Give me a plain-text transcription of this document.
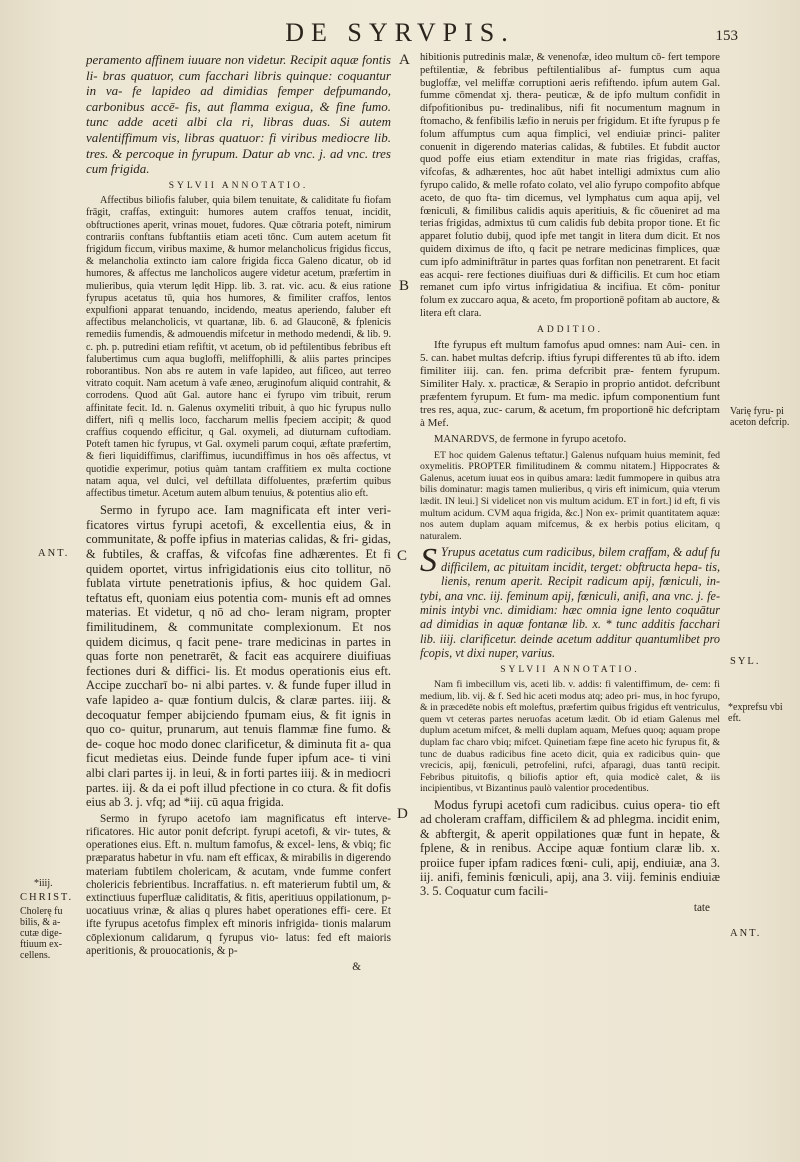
DE SYRVPIS.	153
A
B
C
D
ANT.
*iiij.
CHRIST.
Cholerę fu bilis, & a- cutæ dige- ftiuum ex- cellens.
Varię fyru- pi aceton defcrip.
SYL.
*exprefsu vbi eft.
ANT.

peramento affinem iuuare non videtur. Recipit aquæ fontis li- bras quatuor, cum facchari libris quinque: coquantur in va- fe lapideo ad dimidias femper defpumando, carbonibus accē- fis, aut flamma exigua, & fine fumo. tunc adde aceti albi cla ri, libras duas. Si autem valentiffimum vis, libras quatuor: fi viribus mediocre lib. tres. & percoque in fyrupum. Datur ab vnc. j. ad vnc. tres cum frigida.

SYLVII ANNOTATIO.

Affectibus biliofis faluber, quia bilem tenuitate, & caliditate fu fiofam frāgit, craffas, extinguit: humores autem craffos tenuat, incidit, obftructiones aperit, vrinas mouet, fudores. Quæ cōtraria poteft, nimirum contrariis conftans fubftantiis etiam aceti tōnc. Cum autem acetum fit frigidum ficcum, viribus maxime, & humor melancholicus frigidus ficcus, & melancholia extincto iam calore frigida ficca Galeno dicatur, ob id humores, & affectus me lancholicos augere videtur acetum, præfertim in mulieribus, quia vterum lędit Hipp. lib. 3. rat. vic. acu. & eius ratione fyrupus acetatus tū, quia hos humores, & fimiliter craffos, lentos expulfioni apparat tenuando, incidendo, meatus aperiendo, faluber eft affectibus melancholicis, vt quartanæ, lib. 6. ad Glauconē, & fplenicis remediis fumendis, & admouendis mifcetur in methodo medendi, & lib. 9. c. ph. p. putredini etiam refiftit, vt acetum, ob id peftilentibus febribus eft falubertimus cum aqua bugloffi, meliffophilli, & aliis partes principes roborantibus. Non abs re autem in vafe lapideo, aut fiſiceo, aut terreo vitrato coquit. Nam acetum à vafe æneo, æruginofum aliquid contrahit, & corrodens. Quod aūt Gal. autore hanc ei fyrupo vim tribuit, rerum affinitate fecit. Id. n. Galenus oxymeliti tribuit, à quo hic fyrupus nullo differt, nifi q mellis loco, faccharum mellis fpeciem accipit; & quod craffius coquendo efficitur, q Gal. oxymeli, ad diuturnam cuftodiam. Poteft tamen hic fyrupus, vt Gal. oxymeli parum coqui, æftate præfertim, & fieri liquidiffimus, clariffimus, iucundiffimus in hos oēs affectus, vt quotidie experimur, potius quàm tantam craffitiem ex multa coctione natam aqua, vel dulci, vel deftillata diffoluentes, præfertim quibus affectibus timetur. Acetum autem album tenuius, & potentius alio eft.

Sermo in fyrupo ace. Iam magnificata eft inter veri- ficatores virtus fyrupi acetofi, & excellentia eius, & in communitate, & poffe ipfius in materias calidas, & fri- gidas, & fubtiles, & craffas, & vifcofas fine adhærentes. Et fi quidem oportet, virtus infrigidationis eius cito tollitur, nō fublata virtute penetrationis ipfius, & hoc quidem Gal. teftatus eft, quoniam eius potentia com- munis eft ad omnes materias. Et videtur, q nō ad cho- leram nigram, propter fimilitudinem, & communitate complexionum. Et nos quidem dicimus, q facit pene- trare medicinas in partes in quas forte non penetrarēt, & facit eas acquirere diuifiuas fectiones duri & diffici- lis. Et modus operationis eius eft. Accipe zuccharī bo- ni albi partes. v. & funde fuper illud in vafe lapideo a- quæ fontium dulcis, & claræ partes. iiij. & decoquatur femper abijciendo fpumam eius, & fit ignis in quo co- quitur, prunarum, aut tenuis flammæ fine fumo. & de- coque hoc modo donec clarificetur, & diminuta fit a- qua ficut medietas eius. Deinde funde fuper ipfum ace- ti vini albi clari partes ij. in leui, & in forti partes iiij. & in mediocri partes. iij. & da ei poft illud pfectione in co ctura. & fit dofis eius ab 3. j. vfq; ad *iij. cū aqua frigida.

Sermo in fyrupo acetofo iam magnificatus eft interve- rificatores. Hic autor ponit defcript. fyrupi acetofi, & vir- tutes, & operationes eius. Eft. n. multum famofus, & excel- lens, & vbiq; fic præparatus habetur in vfu. nam eft efficax, & mirabilis in digerendo materiam fubtilem cholericam, & acutam, vnde fumme confert cholericis febrientibus. Incraffatius. n. eft materierum fubtil um, & extinctiuus fuperfluæ caliditatis, & fitis, aperitiuus oppilationum, p- uocatiuus vrinæ, & alias q plures habet operationes effi- cere. Et ifte fyrupus acetofus fimplex eft minoris infrigida- tionis malarum cōplexionum calidarum, q fyrupus vio- latus: fed eft maioris aperitionis, & prouocationis, & p-

&

hibitionis putredinis malæ, & venenofæ, ideo multum cō- fert tempore peftilentiæ, & febribus peftilentialibus af- fumptus cum aqua bugloffæ, vel meliffæ corruptioni aeris refiftendo. ipfum autem Gal. fumme cōmendat xj. thera- peuticæ, & de ipfo multum confidit in difpofitionibus pu- tredinalibus, nifi fit nocumentum magnum in ftomacho, & fenfibilis læfio in neruis per frigidum. Et ifte fyrupus p fe folum affumptus cum aqua fimplici, vel endiuiæ princi- paliter conuenit in digerendo materias calidas, & fubtiles. Et fubdit auctor quod poffe eius etiam extenditur in mate rias frigidas, craffas, vifcofas, & adhærentes, hoc aūt habet intelligi admixtus cum alio fyrupo calido, & melle rofato colato, vel alio fyrupo compofito abfque aceto, de quo fta- tim dicemus, vel lymphatus cum aqua apij, vel fœniculi, & fimilibus calidis aquis aperitiuis, & fic cōueniret ad ma terias frigidas, admixtus tū cum calidis fub debita propor tione. Et fic apparet folutio dubij, quod ipfe met tangit in litera dum dicit. Et nos quidem diximus de ifto, q facit pe netrare medicinas fimplices, quæ cum ipfo adminiftrātur in partes quas forfitan non penetrarent. Et facit eas acqui- rere fectiones diuifiuas duri & difficilis. Et cum hoc etiam remanet cum ipfo virtus infrigidatiua & incifiua. Et cōm- ponitur folum ex zuccaro aqua, & aceto, fm proportionē pofitam ab auctore, & litera eft clara.

ADDITIO.

Ifte fyrupus eft multum famofus apud omnes: nam Aui- cen. in 5. can. habet multas defcrip. iftius fyrupi differentes tū ab ifto. idem fimiliter iiij. can. fen. prima defcribit præ- fentem fyrupum. Similiter Haly. x. practicæ, & Serapio in proprio antidot. defcribunt præfentem fyrupum. Et fum- ma medic. ipfum componentium funt tres res, aqua, zuc- carum, & acetum, fm proportionē hic defcriptam à Mef.

MANARDVS, de fermone in fyrupo acetofo.

ET hoc quidem Galenus teftatur.] Galenus nufquam huius meminit, fed oxymelitis. PROPTER fimilitudinem & commu nitatem.] Hippocrates & Galenus, acetum iuuat eos in quibus amara: lædit fummopere in quibus atra bilis dominatur: magis tamen mulieribus, q viris eft inimicum, quia vterum lædit. IN leui.] Si videlicet non vis multum acidum. ET in fort.] id eft, fi vis multum acidum. CVM aqua frigida, &c.] Non ex- primit quantitatem aquæ: nos autem duplam aquam mifcemus, & ex herbis potius elicitam, q naturalem.

S Yrupus acetatus cum radicibus, bilem craffam, & aduf fu difficilem, ac pituitam incidit, terget: obftructa hepa- tis, lienis, renum aperit. Recipit radicum apij, fœniculi, in- tybi, ana vnc. iij. feminum apij, fœniculi, anifi, ana vnc. j. fe- minis intybi vnc. dimidiam: hæc omnia igne lento coquātur ad dimidias in aquæ fontanæ lib. x. * tunc additis facchari lib. iiij. clarificetur. deinde acetum additur quantumlibet pro fcopis, vt dixi nuper, varius.

SYLVII ANNOTATIO.

Nam fi imbecillum vis, aceti lib. v. addis: fi valentiffimum, de- cem: fi medium, lib. vij. & f. Sed hic aceti modus atq; adeo pri- mus, in hoc fyrupo, & in præcedēte nobis eft moleftus, præfertim quibus frigidus eft ventriculus, quem vt ceteras partes neruofas acetum lædit. Ob id etiam Galenus mel duplum acetum mifcet, & melli duplam aquam, Mefues quoq; aquam prope duplam fac charo vbiq; mifcet. Quinetiam fæpe fine aceto hic fyrupus fit, & tunc de duabus radicibus fine aceto dicit, quia ex radicibus quin- que vrecicis, apij, fœniculi, petrofelini, rufci, afparagi, duas tantū recipit. Febribus pituitofis, q biliofis aptior eft, quia modicè calet, & iis incipientibus, vt Bizantinus paulò valentior procedentibus.

Modus fyrupi acetofi cum radicibus. cuius opera- tio eft ad choleram craffam, difficilem & ad phlegma. incidit enim, & abftergit, & aperit oppilationes quæ funt in hepate, & fplene, & in renibus. Accipe aquæ fontium claræ lib. x. proiice fuper ipfam radices fœni- culi, apij, endiuiæ, ana 3. iij. anifi, feminis fœniculi, apij, ana 3. viij. feminis endiuiæ 3. 5. Coquatur cum facili-

tate
